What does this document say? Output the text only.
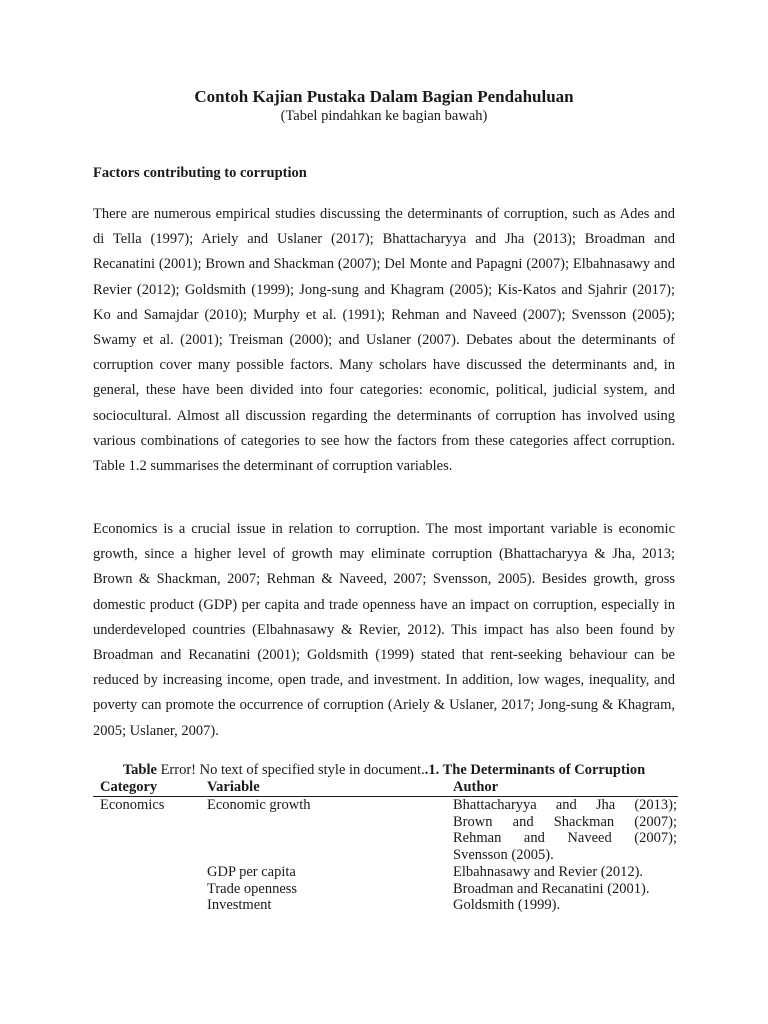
Contoh Kajian Pustaka Dalam Bagian Pendahuluan

(Tabel pindahkan ke bagian bawah)

Factors contributing to corruption

There are numerous empirical studies discussing the determinants of corruption, such as Ades and di Tella (1997); Ariely and Uslaner (2017); Bhattacharyya and Jha (2013); Broadman and Recanatini (2001); Brown and Shackman (2007); Del Monte and Papagni (2007); Elbahnasawy and Revier (2012); Goldsmith (1999); Jong-sung and Khagram (2005); Kis-Katos and Sjahrir (2017); Ko and Samajdar (2010); Murphy et al. (1991); Rehman and Naveed (2007); Svensson (2005); Swamy et al. (2001); Treisman (2000); and Uslaner (2007). Debates about the determinants of corruption cover many possible factors. Many scholars have discussed the determinants and, in general, these have been divided into four categories: economic, political, judicial system, and sociocultural. Almost all discussion regarding the determinants of corruption has involved using various combinations of categories to see how the factors from these categories affect corruption. Table 1.2 summarises the determinant of corruption variables.

Economics is a crucial issue in relation to corruption. The most important variable is economic growth, since a higher level of growth may eliminate corruption (Bhattacharyya & Jha, 2013; Brown & Shackman, 2007; Rehman & Naveed, 2007; Svensson, 2005). Besides growth, gross domestic product (GDP) per capita and trade openness have an impact on corruption, especially in underdeveloped countries (Elbahnasawy & Revier, 2012). This impact has also been found by Broadman and Recanatini (2001); Goldsmith (1999) stated that rent-seeking behaviour can be reduced by increasing income, open trade, and investment. In addition, low wages, inequality, and poverty can promote the occurrence of corruption (Ariely & Uslaner, 2017; Jong-sung & Khagram, 2005; Uslaner, 2007).

Table Error! No text of specified style in document..1. The Determinants of Corruption

Category	Variable	Author
Economics	Economic growth	Bhattacharyya and Jha (2013);
Brown and Shackman (2007);
Rehman and Naveed (2007);
Svensson (2005).
GDP per capita	Elbahnasawy and Revier (2012).
Trade openness	Broadman and Recanatini (2001).
Investment	Goldsmith (1999).
